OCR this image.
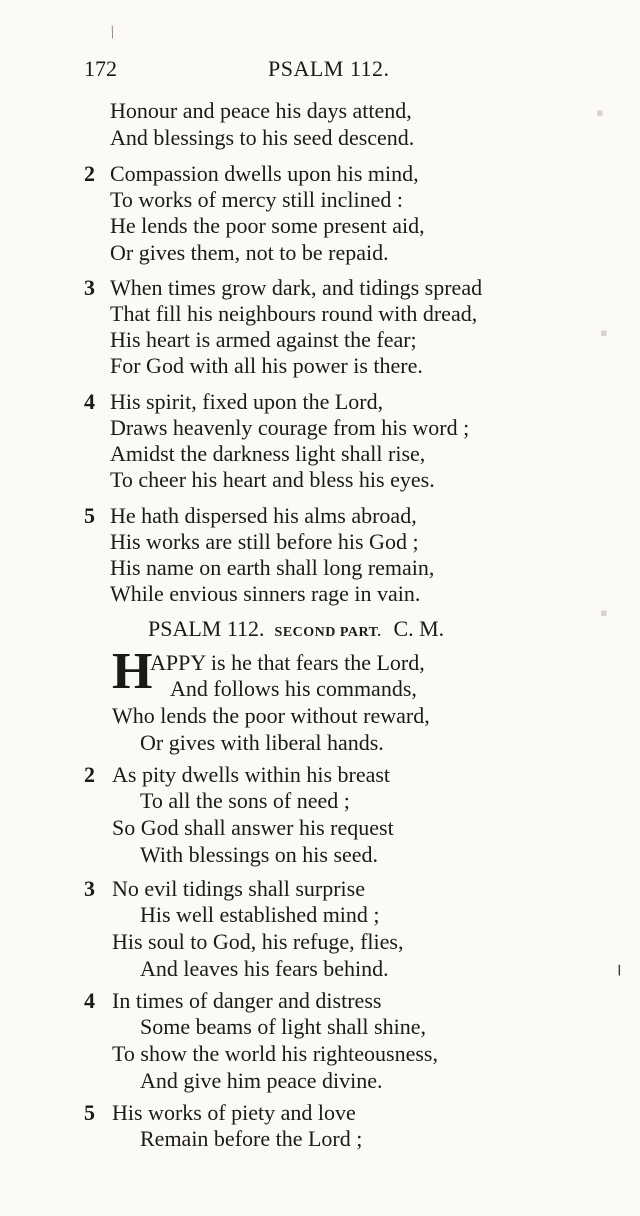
/
172	PSALM 112.
Honour and peace his days attend,
And blessings to his seed descend.
2 Compassion dwells upon his mind,
To works of mercy still inclined :
He lends the poor some present aid,
Or gives them, not to be repaid.
3 When times grow dark, and tidings spread
That fill his neighbours round with dread,
His heart is armed against the fear;
For God with all his power is there.
4 His spirit, fixed upon the Lord,
Draws heavenly courage from his word ;
Amidst the darkness light shall rise,
To cheer his heart and bless his eyes.
5 He hath dispersed his alms abroad,
His works are still before his God ;
His name on earth shall long remain,
While envious sinners rage in vain.
PSALM 112. SECOND PART. C. M.
H
APPY is he that fears the Lord,
And follows his commands,
Who lends the poor without reward,
Or gives with liberal hands.
2 As pity dwells within his breast
To all the sons of need ;
So God shall answer his request
With blessings on his seed.
3 No evil tidings shall surprise
His well established mind ;
His soul to God, his refuge, flies,
And leaves his fears behind.
4 In times of danger and distress
Some beams of light shall shine,
To show the world his righteousness,
And give him peace divine.
5 His works of piety and love
Remain before the Lord ;
▪
▪
▪
╷
